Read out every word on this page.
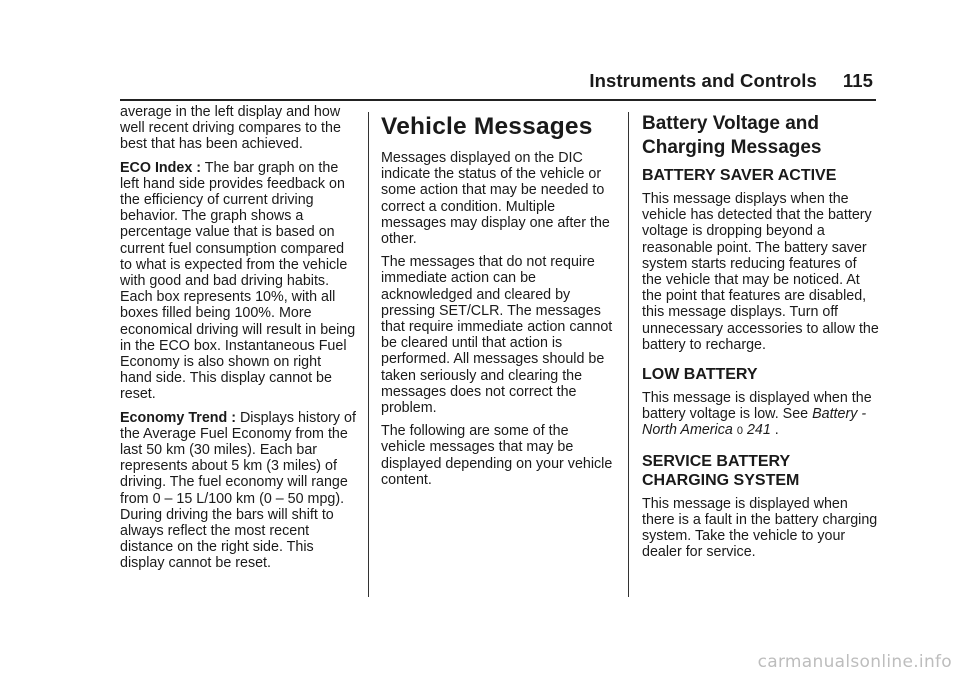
Instruments and Controls 115

average in the left display and how well recent driving compares to the best that has been achieved.

ECO Index : The bar graph on the left hand side provides feedback on the efficiency of current driving behavior. The graph shows a percentage value that is based on current fuel consumption compared to what is expected from the vehicle with good and bad driving habits. Each box represents 10%, with all boxes filled being 100%. More economical driving will result in being in the ECO box. Instantaneous Fuel Economy is also shown on right hand side. This display cannot be reset.

Economy Trend : Displays history of the Average Fuel Economy from the last 50 km (30 miles). Each bar represents about 5 km (3 miles) of driving. The fuel economy will range from 0 – 15 L/100 km (0 – 50 mpg). During driving the bars will shift to always reflect the most recent distance on the right side. This display cannot be reset.

Vehicle Messages

Messages displayed on the DIC indicate the status of the vehicle or some action that may be needed to correct a condition. Multiple messages may display one after the other.

The messages that do not require immediate action can be acknowledged and cleared by pressing SET/CLR. The messages that require immediate action cannot be cleared until that action is performed. All messages should be taken seriously and clearing the messages does not correct the problem.

The following are some of the vehicle messages that may be displayed depending on your vehicle content.

Battery Voltage and Charging Messages
BATTERY SAVER ACTIVE

This message displays when the vehicle has detected that the battery voltage is dropping beyond a reasonable point. The battery saver system starts reducing features of the vehicle that may be noticed. At the point that features are disabled, this message displays. Turn off unnecessary accessories to allow the battery to recharge.

LOW BATTERY

This message is displayed when the battery voltage is low. See Battery - North America 0 241 .

SERVICE BATTERY CHARGING SYSTEM

This message is displayed when there is a fault in the battery charging system. Take the vehicle to your dealer for service.

carmanualsonline.info
